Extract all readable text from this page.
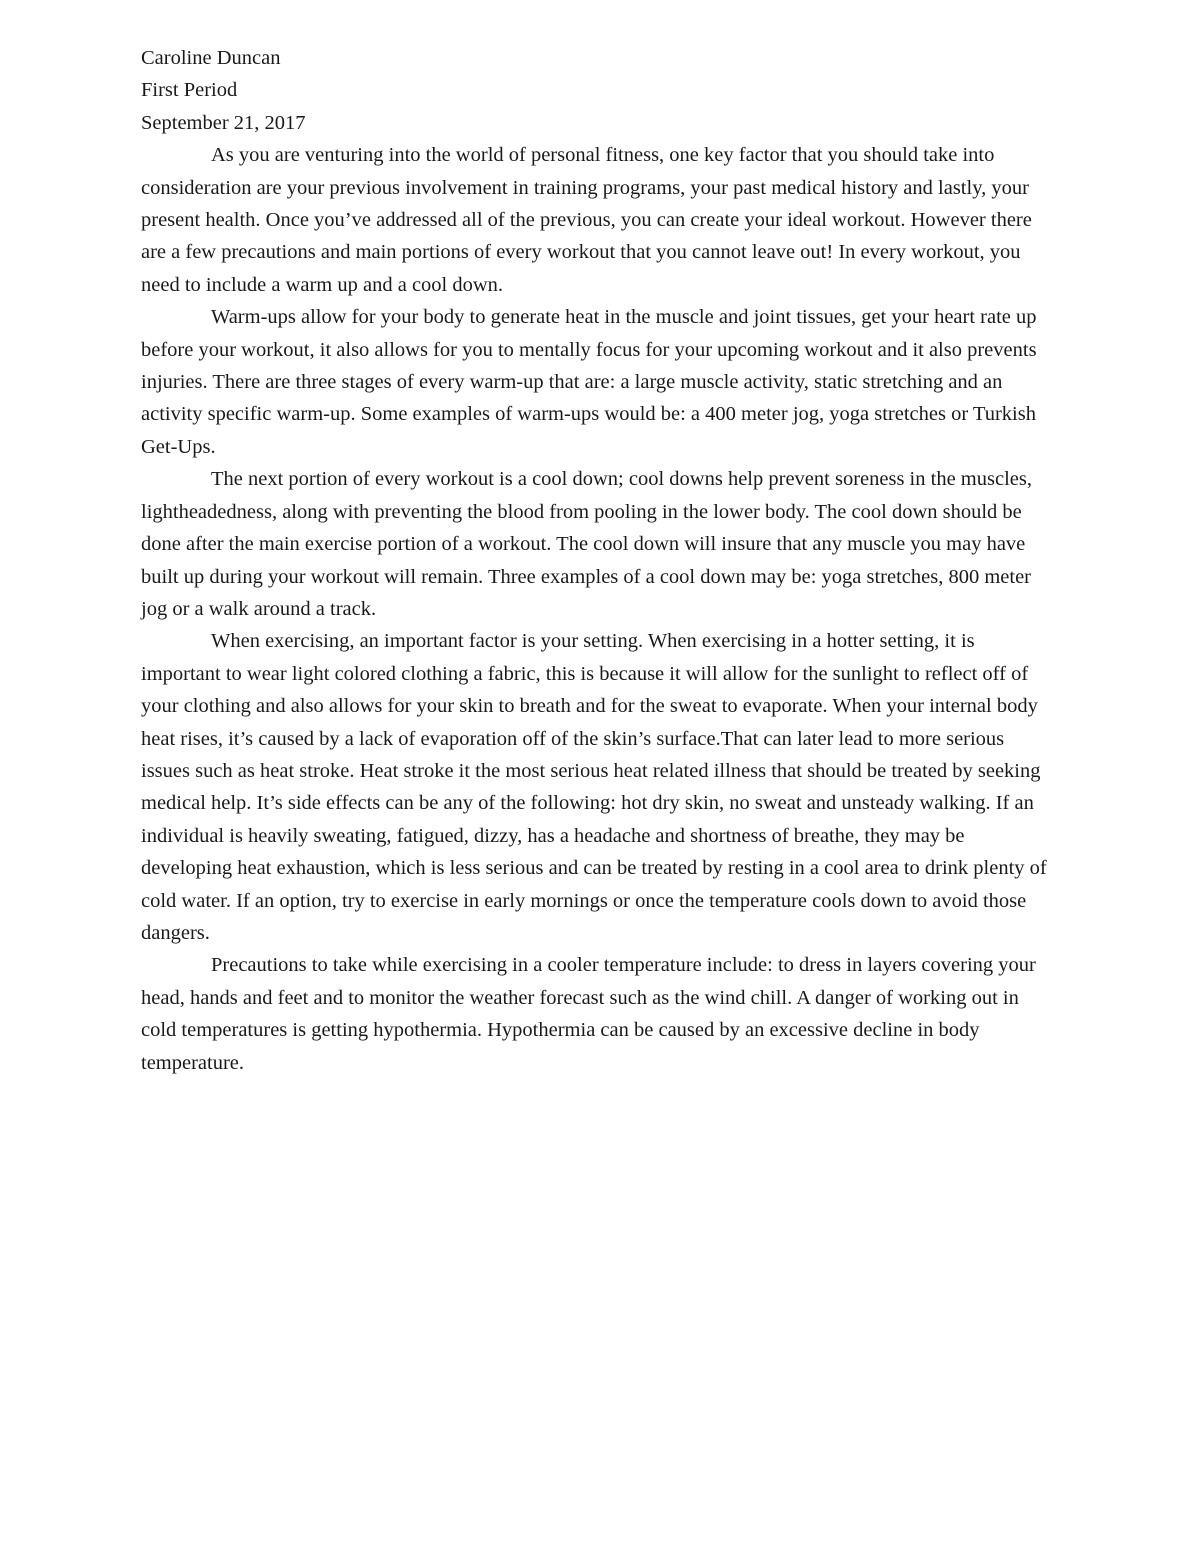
Caroline Duncan

First Period

September 21, 2017

As you are venturing into the world of personal fitness, one key factor that you should take into consideration are your previous involvement in training programs, your past medical history and lastly, your present health. Once you’ve addressed all of the previous, you can create your ideal workout. However there are a few precautions and main portions of every workout that you cannot leave out! In every workout, you need to include a warm up and a cool down.

Warm-ups allow for your body to generate heat in the muscle and joint tissues, get your heart rate up before your workout, it also allows for you to mentally focus for your upcoming workout and it also prevents injuries. There are three stages of every warm-up that are: a large muscle activity, static stretching and an activity specific warm-up. Some examples of warm-ups would be: a 400 meter jog, yoga stretches or Turkish Get-Ups.

The next portion of every workout is a cool down; cool downs help prevent soreness in the muscles, lightheadedness, along with preventing the blood from pooling in the lower body. The cool down should be done after the main exercise portion of a workout. The cool down will insure that any muscle you may have built up during your workout will remain. Three examples of a cool down may be: yoga stretches, 800 meter jog or a walk around a track.

When exercising, an important factor is your setting. When exercising in a hotter setting, it is important to wear light colored clothing a fabric, this is because it will allow for the sunlight to reflect off of your clothing and also allows for your skin to breath and for the sweat to evaporate. When your internal body heat rises, it’s caused by a lack of evaporation off of the skin’s surface.That can later lead to more serious issues such as heat stroke. Heat stroke it the most serious heat related illness that should be treated by seeking medical help. It’s side effects can be any of the following: hot dry skin, no sweat and unsteady walking. If an individual is heavily sweating, fatigued, dizzy, has a headache and shortness of breathe, they may be developing heat exhaustion, which is less serious and can be treated by resting in a cool area to drink plenty of cold water. If an option, try to exercise in early mornings or once the temperature cools down to avoid those dangers.

Precautions to take while exercising in a cooler temperature include: to dress in layers covering your head, hands and feet and to monitor the weather forecast such as the wind chill. A danger of working out in cold temperatures is getting hypothermia. Hypothermia can be caused by an excessive decline in body temperature.
